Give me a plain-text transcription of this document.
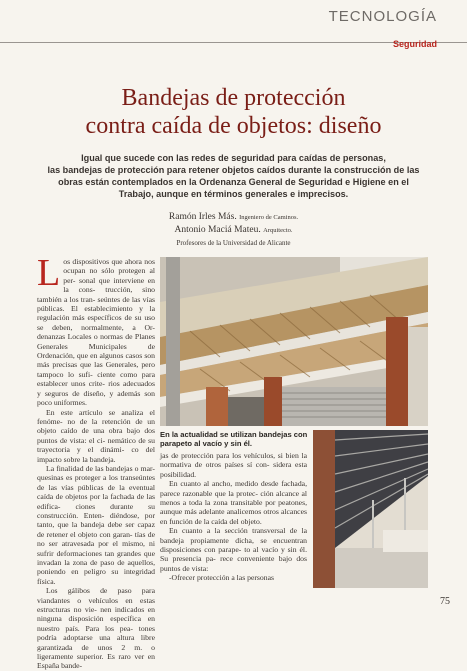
TECNOLOGÍA
Seguridad
Bandejas de protección
contra caída de objetos: diseño
Igual que sucede con las redes de seguridad para caídas de personas,
las bandejas de protección para retener objetos caídos durante la construcción de las
obras están contemplados en la Ordenanza General de Seguridad e Higiene en el
Trabajo, aunque en términos generales e imprecisos.
Ramón Irles Más. Ingeniero de Caminos.
Antonio Maciá Mateu. Arquitecto.
Profesores de la Universidad de Alicante
En la actualidad se utilizan bandejas con parapeto al vacío y sin él.

L os dispositivos que ahora nos ocupan no sólo protegen al per- sonal que interviene en la cons- trucción, sino también a los tran- seúntes de las vías públicas. El establecimiento y la regulación más específicos de su uso se deben, normalmente, a Or- denanzas Locales o normas de Planes Generales Municipales de Ordenación, que en algunos casos son más precisas que las Generales, pero tampoco lo sufi- ciente como para establecer unos crite- rios adecuados y seguros de diseño, y además son poco uniformes.

En este artículo se analiza el fenóme- no de la retención de un objeto caído de una obra bajo dos puntos de vista: el ci- nemático de su trayectoria y el dinámi- co del impacto sobre la bandeja.

La finalidad de las bandejas o mar- quesinas es proteger a los transeúntes de las vías públicas de la eventual caída de objetos por la fachada de las edifica- ciones durante su construcción. Enten- diéndose, por tanto, que la bandeja debe ser capaz de retener el objeto con garan- tías de no ser atravesada por el mismo, ni sufrir deformaciones tan grandes que invadan la zona de paso de aquellos, poniendo en peligro su integridad física.

Los gálibos de paso para viandantes o vehículos en estas estructuras no vie- nen indicados en ninguna disposición específica en nuestro país. Para los pea- tones podría adoptarse una altura libre garantizada de unos 2 m. o ligeramente superior. Es raro ver en España bande-

jas de protección para los vehículos, si bien la normativa de otros países sí con- sidera esta posibilidad.

En cuanto al ancho, medido desde fachada, parece razonable que la protec- ción alcance al menos a toda la zona transitable por peatones, aunque más adelante analicemos otros alcances en función de la caída del objeto.

En cuanto a la sección transversal de la bandeja propiamente dicha, se encuentran disposiciones con parape- to al vacío y sin él. Su presencia pa- rece conveniente bajo dos puntos de vista:

-Ofrecer protección a las personas

75
